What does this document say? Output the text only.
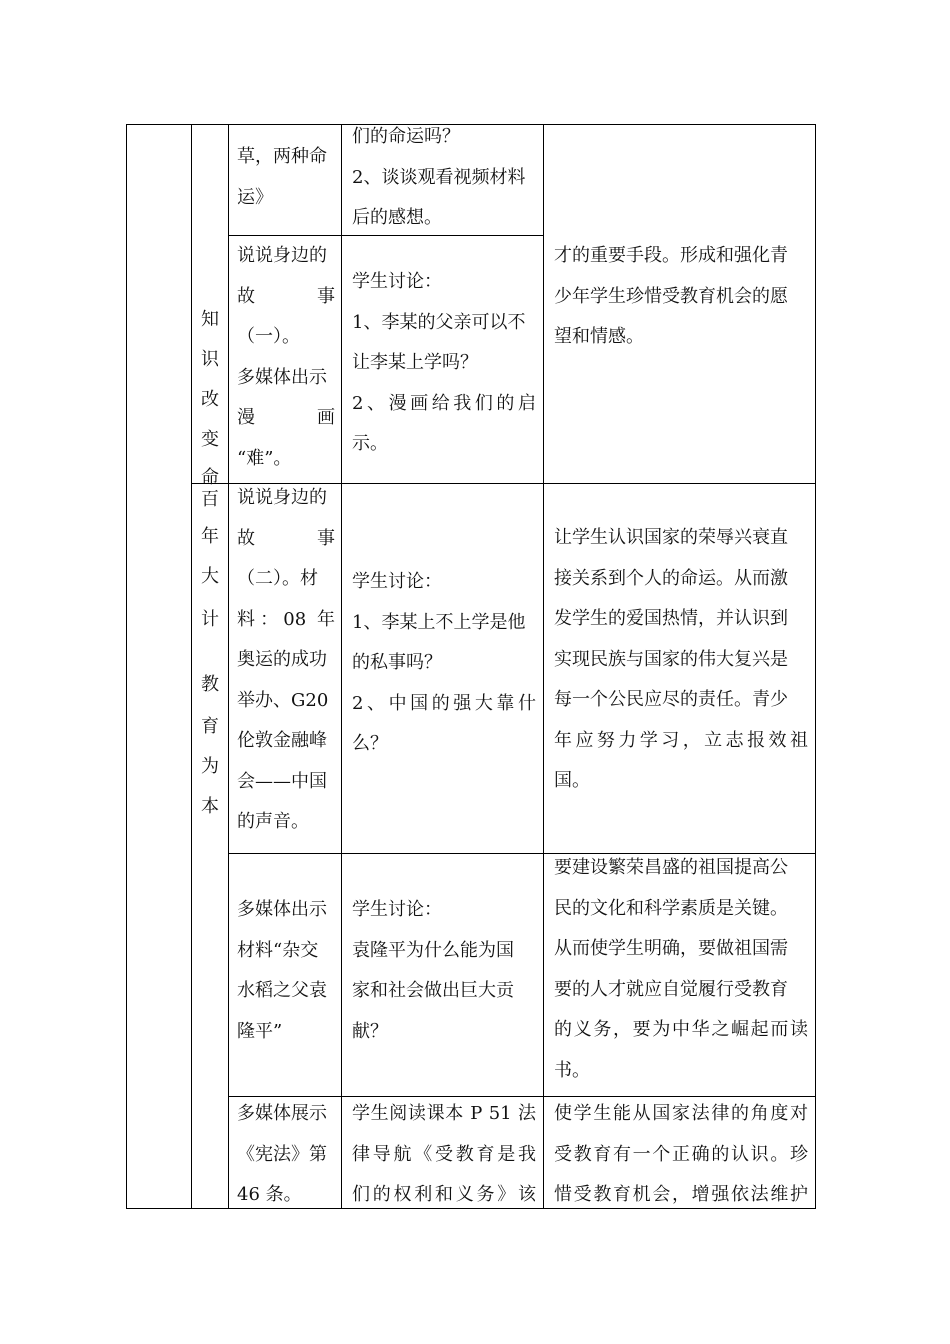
知
识
改
变
命
百
年
大
计
教
育
为
本

草，两种命

运》

们的命运吗？

2、谈谈观看视频材料

后的感想。

说说身边的

故　　　事

（一）。

多媒体出示

漫　　　画

“难”。

学生讨论：

1、李某的父亲可以不

让李某上学吗？

2、漫画给我们的启

示。

才的重要手段。形成和强化青

少年学生珍惜受教育机会的愿

望和情感。

说说身边的

故　　　事

（二）。材

料：08 年

奥运的成功

举办、G20

伦敦金融峰

会——中国

的声音。

学生讨论：

1、李某上不上学是他

的私事吗？

2、中国的强大靠什

么？

让学生认识国家的荣辱兴衰直

接关系到个人的命运。从而激

发学生的爱国热情，并认识到

实现民族与国家的伟大复兴是

每一个公民应尽的责任。青少

年应努力学习，立志报效祖

国。

多媒体出示

材料“杂交

水稻之父袁

隆平”

学生讨论：

袁隆平为什么能为国

家和社会做出巨大贡

献？

要建设繁荣昌盛的祖国提高公

民的文化和科学素质是关键。

从而使学生明确，要做祖国需

要的人才就应自觉履行受教育

的义务，要为中华之崛起而读

书。

多媒体展示

《宪法》第

46 条。

学生阅读课本 P 51 法

律导航《受教育是我

们的权利和义务》该

使学生能从国家法律的角度对

受教育有一个正确的认识。珍

惜受教育机会，增强依法维护
